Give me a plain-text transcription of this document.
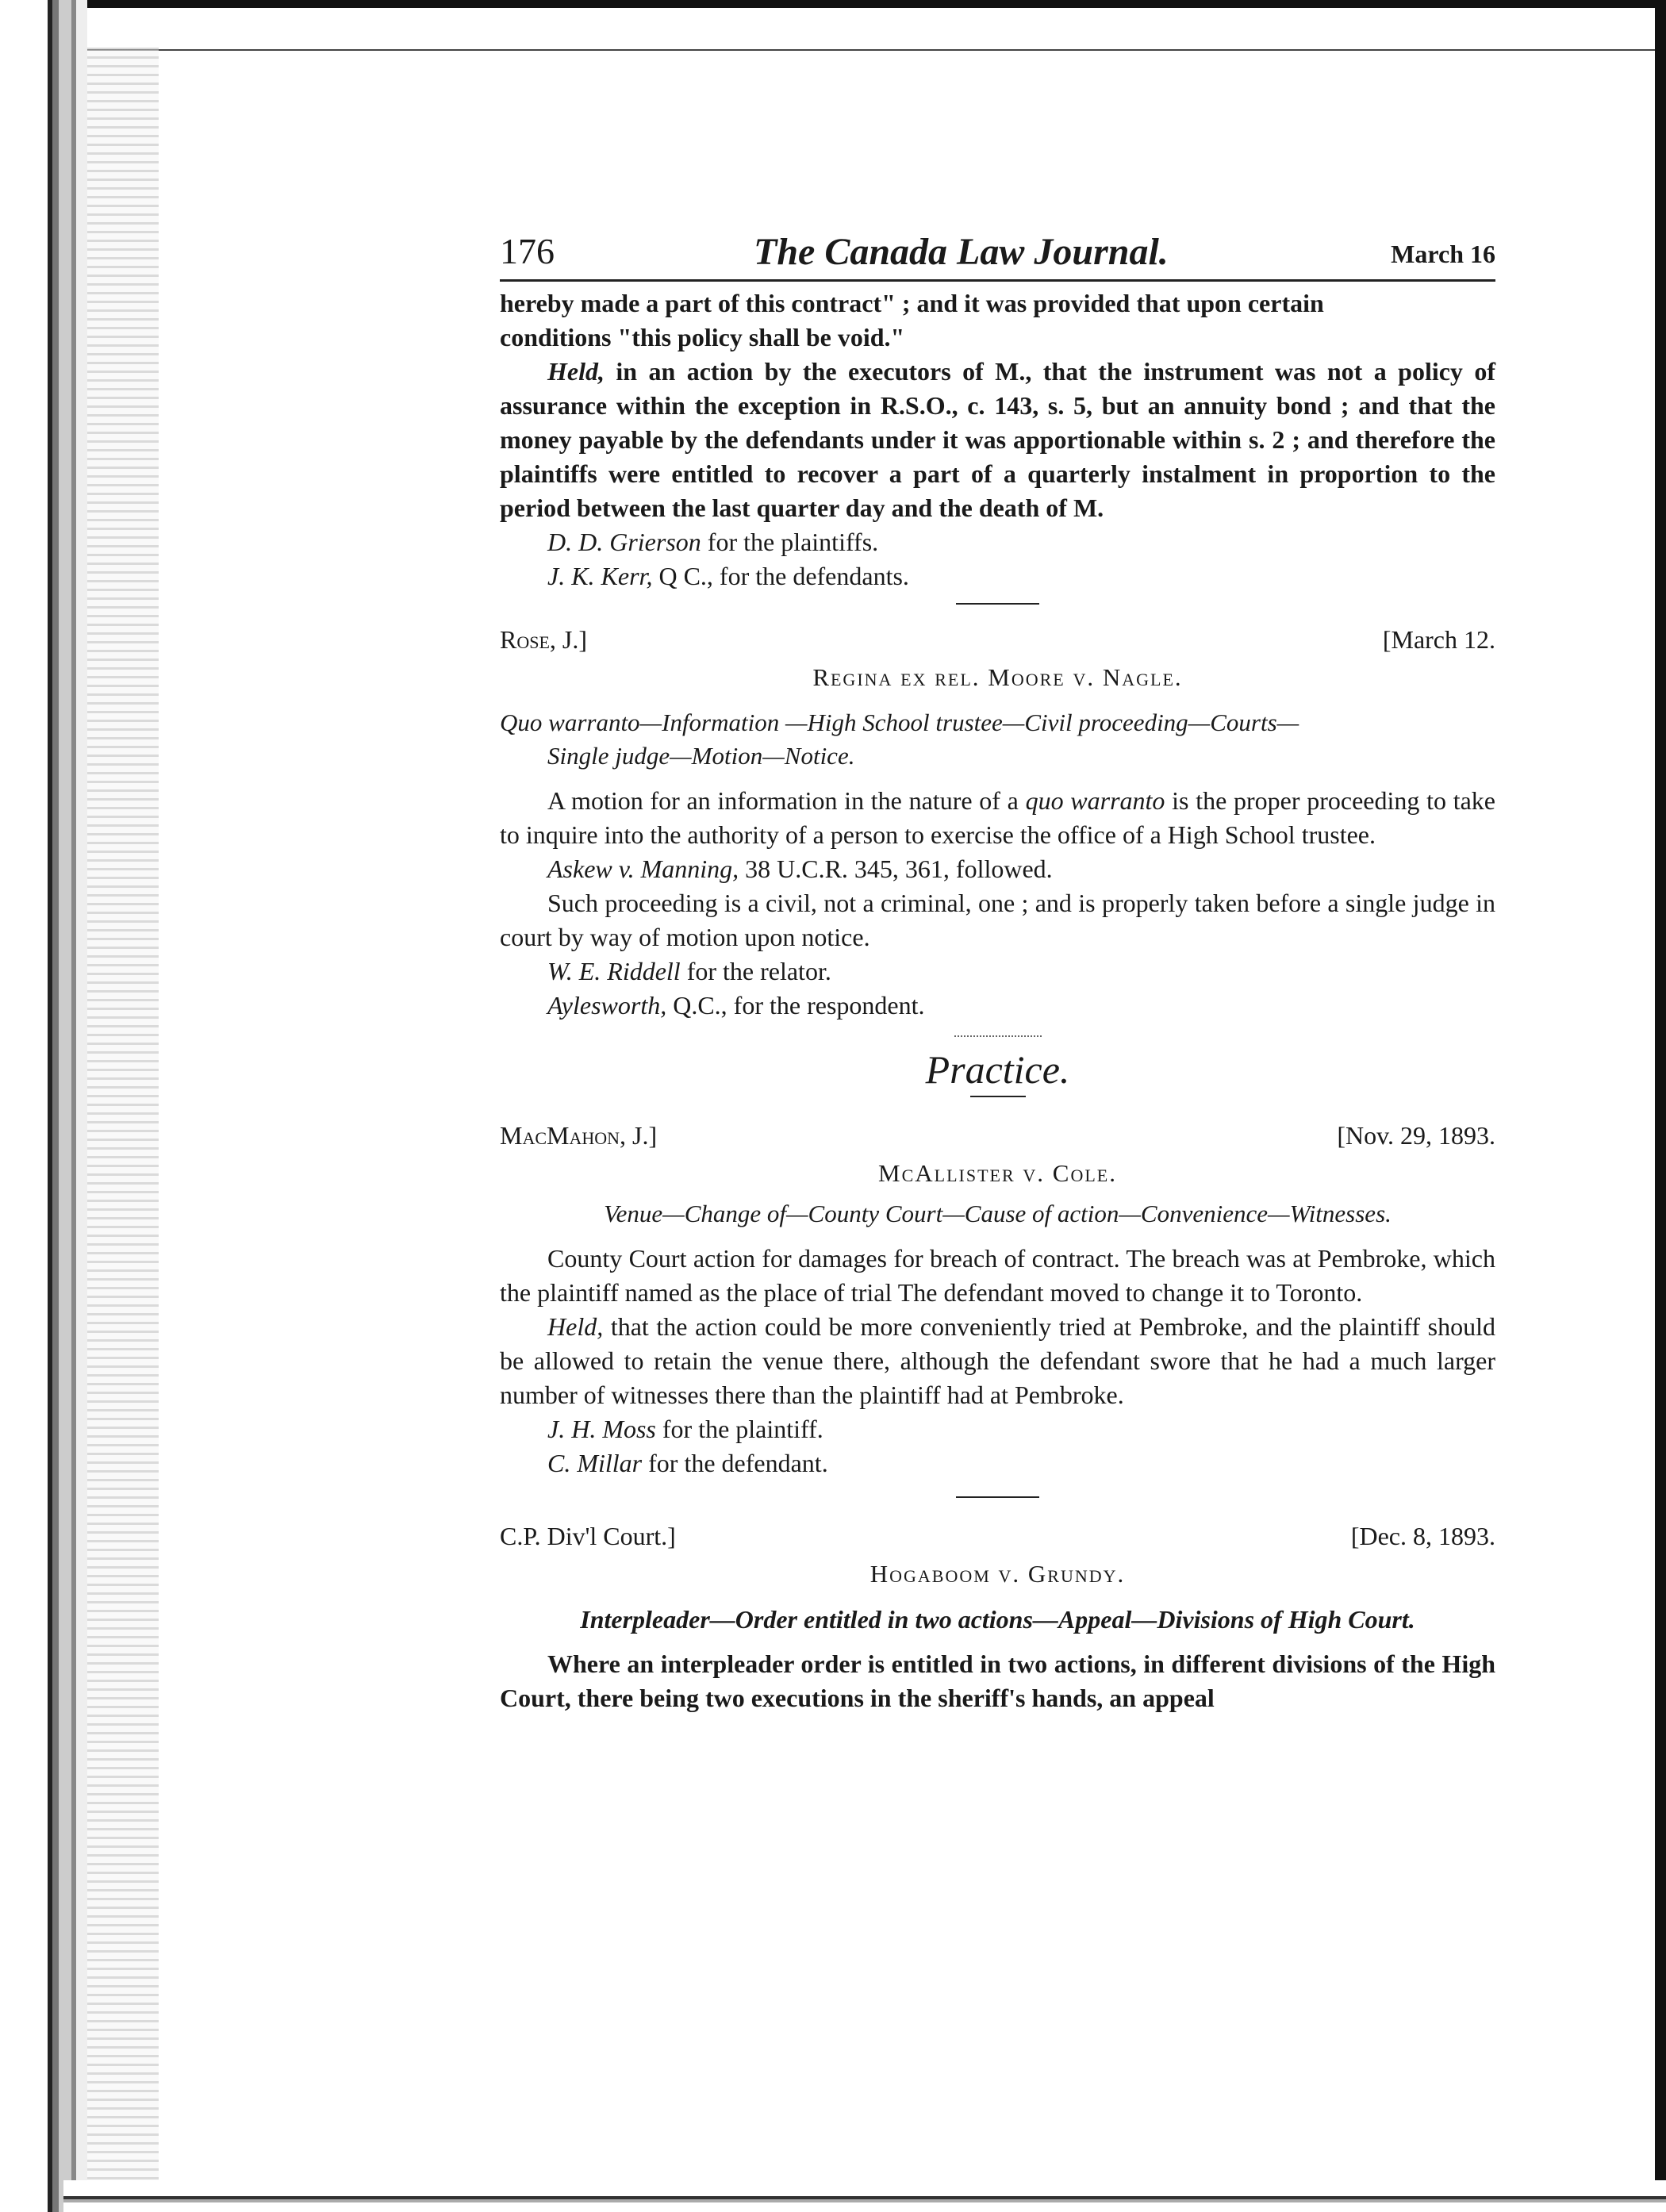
176	The Canada Law Journal.	March 16

hereby made a part of this contract" ; and it was provided that upon certain

conditions "this policy shall be void."

Held, in an action by the executors of M., that the instrument was not a policy of assurance within the exception in R.S.O., c. 143, s. 5, but an annuity bond ; and that the money payable by the defendants under it was apportionable within s. 2 ; and therefore the plaintiffs were entitled to recover a part of a quarterly instalment in proportion to the period between the last quarter day and the death of M.

D. D. Grierson for the plaintiffs.

J. K. Kerr, Q C., for the defendants.

Rose, J.]	[March 12.
Regina ex rel. Moore v. Nagle.
Quo warranto—Information —High School trustee—Civil proceeding—Courts—
Single judge—Motion—Notice.

A motion for an information in the nature of a quo warranto is the proper proceeding to take to inquire into the authority of a person to exercise the office of a High School trustee.

Askew v. Manning, 38 U.C.R. 345, 361, followed.

Such proceeding is a civil, not a criminal, one ; and is properly taken before a single judge in court by way of motion upon notice.

W. E. Riddell for the relator.

Aylesworth, Q.C., for the respondent.

Practice.
MacMahon, J.]	[Nov. 29, 1893.
McAllister v. Cole.
Venue—Change of—County Court—Cause of action—Convenience—Witnesses.

County Court action for damages for breach of contract. The breach was at Pembroke, which the plaintiff named as the place of trial The defendant moved to change it to Toronto.

Held, that the action could be more conveniently tried at Pembroke, and the plaintiff should be allowed to retain the venue there, although the defendant swore that he had a much larger number of witnesses there than the plaintiff had at Pembroke.

J. H. Moss for the plaintiff.

C. Millar for the defendant.

C.P. Div'l Court.]	[Dec. 8, 1893.
Hogaboom v. Grundy.
Interpleader—Order entitled in two actions—Appeal—Divisions of High Court.

Where an interpleader order is entitled in two actions, in different divisions of the High Court, there being two executions in the sheriff's hands, an appeal
